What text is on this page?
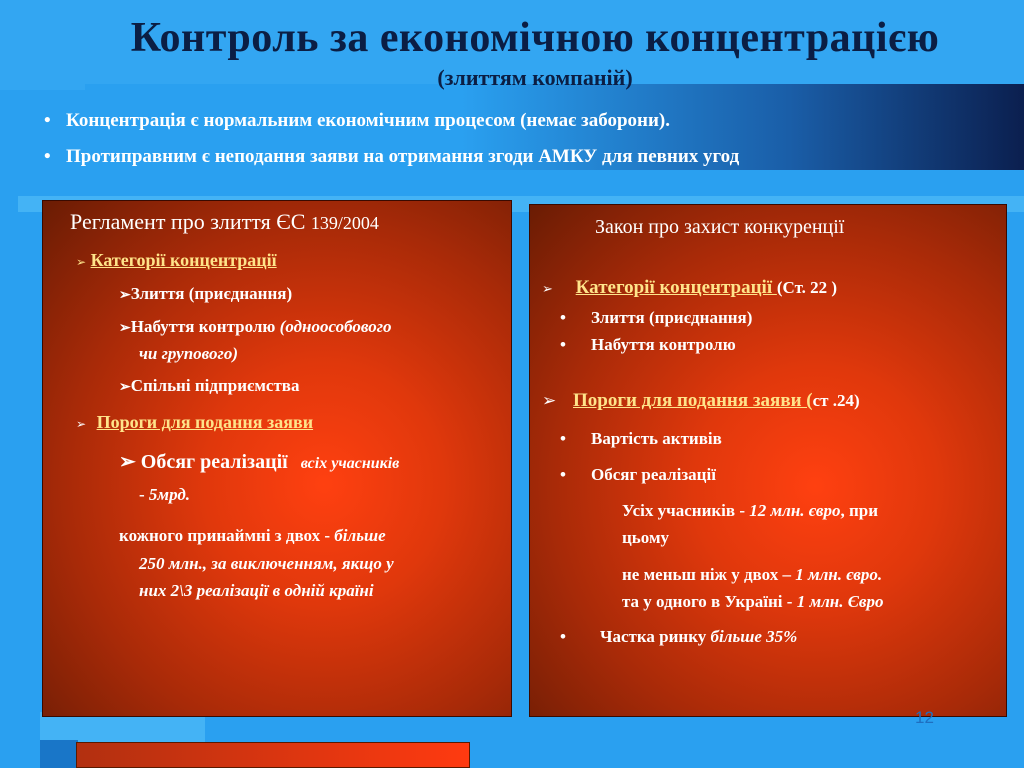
Контроль за економічною концентрацією
(злиттям компаній)
• Концентрація є нормальним економічним процесом (немає заборони).
• Протиправним є неподання заяви на отримання згоди АМКУ для певних угод
Регламент про злиття ЄС 139/2004
➢ Категорії концентрації
➢Злиття (приєднання)
➢Набуття контролю (одноособового
чи групового)
➢Спільні підприємства
➢ Пороги для подання заяви
➢ Обсяг реалізації всіх учасників
- 5мрд.
кожного принаймні з двох - більше
250 млн., за виключенням, якщо у
них 2\3 реалізації в одній країні
Закон про захист конкуренції
➢ Категорії концентрації (Ст. 22 )
• Злиття (приєднання)
• Набуття контролю
➢ Пороги для подання заяви (ст .24)
• Вартість активів
• Обсяг реалізації
Усіх учасників - 12 млн. євро, при
цьому
не меньш ніж у двох – 1 млн. євро.
та у одного в Україні - 1 млн. Євро
• Частка ринку більше 35%
12
